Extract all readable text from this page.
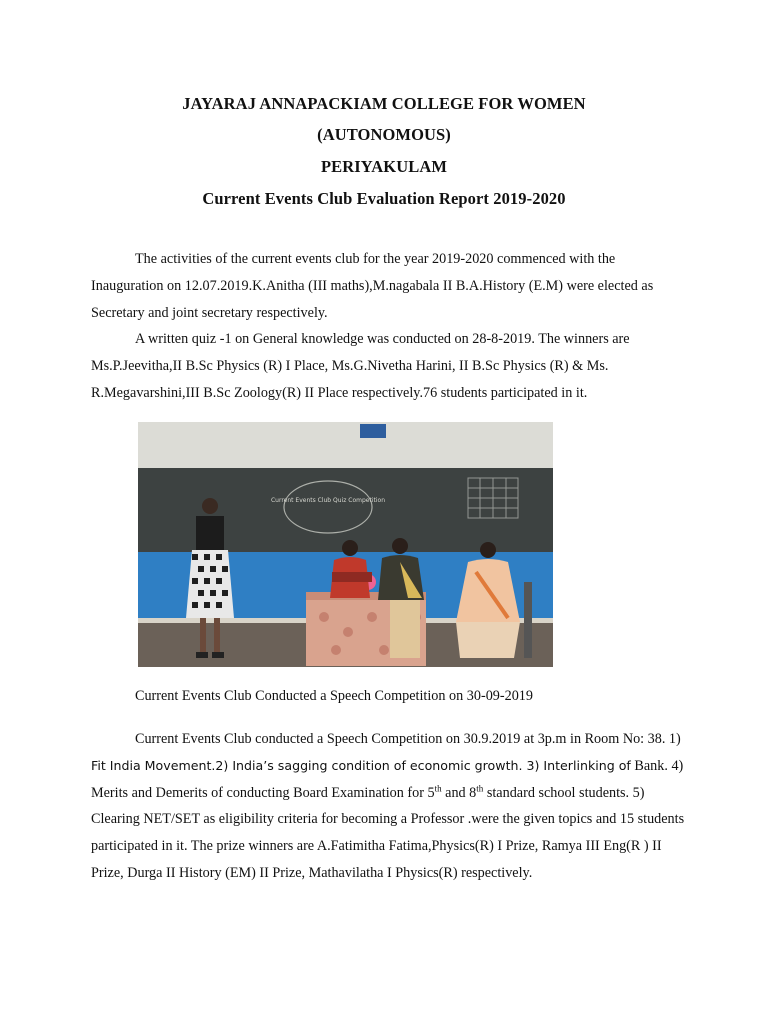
JAYARAJ ANNAPACKIAM COLLEGE FOR WOMEN
(AUTONOMOUS)
PERIYAKULAM
Current Events Club Evaluation Report 2019-2020

The activities of the current events club for the year 2019-2020 commenced with the Inauguration on 12.07.2019.K.Anitha (III maths),M.nagabala II B.A.History (E.M) were elected as Secretary and joint secretary respectively.

A written quiz -1 on General knowledge was conducted on 28-8-2019. The winners are Ms.P.Jeevitha,II B.Sc Physics (R) I Place, Ms.G.Nivetha Harini, II B.Sc Physics (R) & Ms. R.Megavarshini,III B.Sc Zoology(R) II Place respectively.76 students participated in it.

Current Events Club Quiz Competition

Current Events Club Conducted a Speech Competition on 30-09-2019

Current Events Club conducted a Speech Competition on 30.9.2019 at 3p.m in Room No: 38. 1) Fit India Movement.2) India’s sagging condition of economic growth. 3) Interlinking of Bank. 4) Merits and Demerits of conducting Board Examination for 5th and 8th standard school students. 5) Clearing NET/SET as eligibility criteria for becoming a Professor .were the given topics and 15 students participated in it. The prize winners are A.Fatimitha Fatima,Physics(R) I Prize, Ramya III Eng(R ) II Prize, Durga II History (EM) II Prize, Mathavilatha I Physics(R) respectively.
